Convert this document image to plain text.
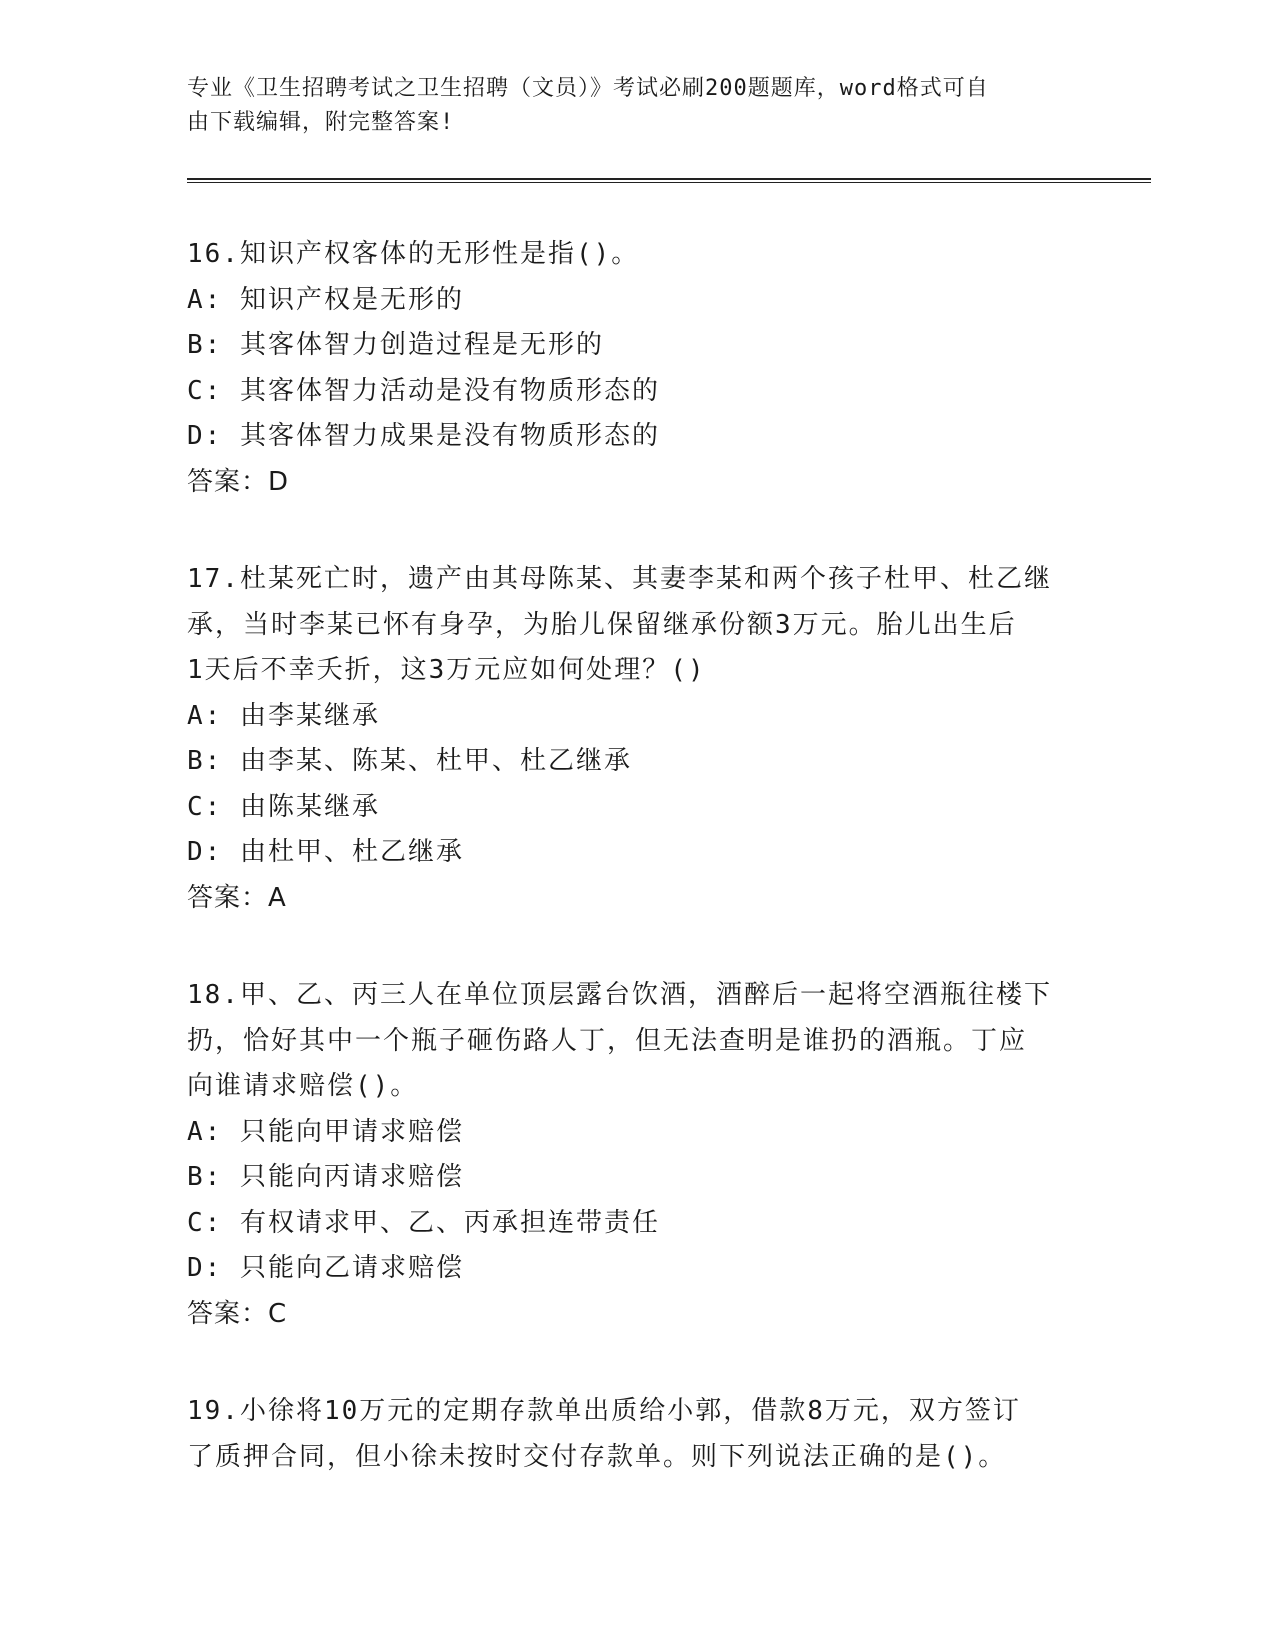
专业《卫生招聘考试之卫生招聘（文员）》考试必刷200题题库，word格式可自
由下载编辑，附完整答案!
16.知识产权客体的无形性是指()。
A: 知识产权是无形的
B: 其客体智力创造过程是无形的
C: 其客体智力活动是没有物质形态的
D: 其客体智力成果是没有物质形态的
答案：D
17.杜某死亡时，遗产由其母陈某、其妻李某和两个孩子杜甲、杜乙继
承，当时李某已怀有身孕，为胎儿保留继承份额3万元。胎儿出生后
1天后不幸夭折，这3万元应如何处理？()
A: 由李某继承
B: 由李某、陈某、杜甲、杜乙继承
C: 由陈某继承
D: 由杜甲、杜乙继承
答案：A
18.甲、乙、丙三人在单位顶层露台饮酒，酒醉后一起将空酒瓶往楼下
扔，恰好其中一个瓶子砸伤路人丁，但无法查明是谁扔的酒瓶。丁应
向谁请求赔偿()。
A: 只能向甲请求赔偿
B: 只能向丙请求赔偿
C: 有权请求甲、乙、丙承担连带责任
D: 只能向乙请求赔偿
答案：C
19.小徐将10万元的定期存款单出质给小郭，借款8万元，双方签订
了质押合同，但小徐未按时交付存款单。则下列说法正确的是()。
